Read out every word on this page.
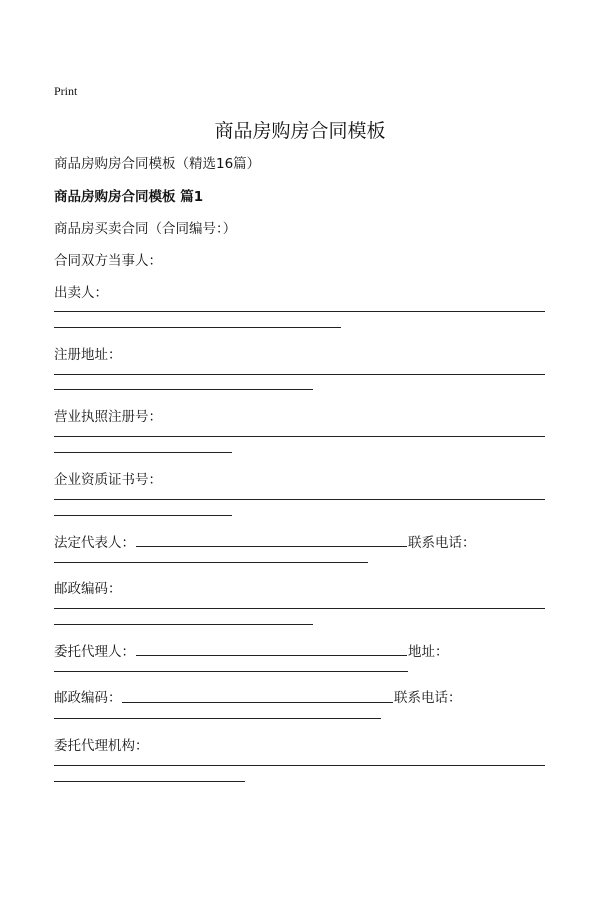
Print
商品房购房合同模板
商品房购房合同模板（精选16篇）
商品房购房合同模板 篇1
商品房买卖合同（合同编号：）
合同双方当事人：
出卖人：
注册地址：
营业执照注册号：
企业资质证书号：
法定代表人：	联系电话：
邮政编码：
委托代理人：	地址：
邮政编码：	联系电话：
委托代理机构：
